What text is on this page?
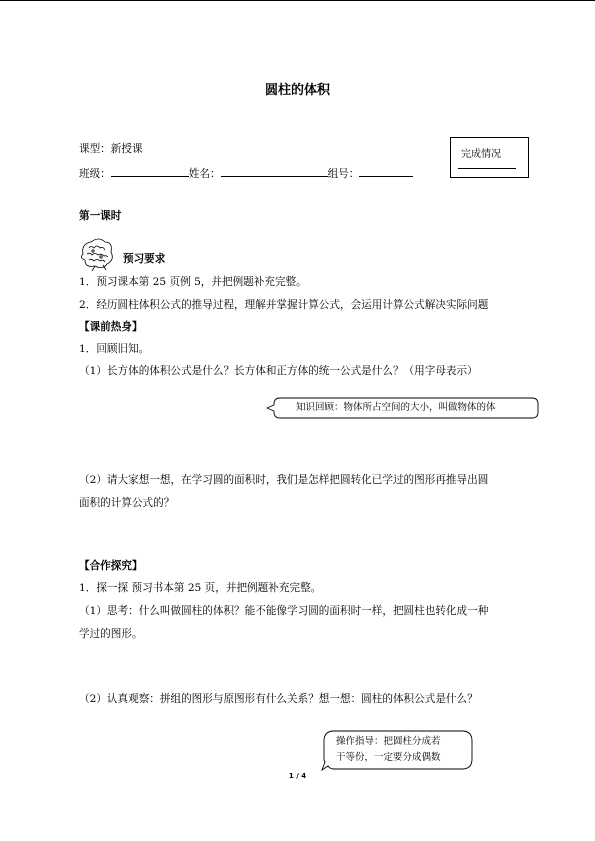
圆柱的体积
课型：新授课
班级：	姓名：	组号：
完成情况
第一课时
预习要求
1．预习课本第 25 页例 5，并把例题补充完整。
2．经历圆柱体积公式的推导过程，理解并掌握计算公式，会运用计算公式解决实际问题
【课前热身】
1．回顾旧知。
（1）长方体的体积公式是什么？长方体和正方体的统一公式是什么？（用字母表示）
知识回顾：物体所占空间的大小，叫做物体的体
（2）请大家想一想，在学习圆的面积时，我们是怎样把圆转化已学过的图形再推导出圆
面积的计算公式的？
【合作探究】
1．探一探 预习书本第 25 页，并把例题补充完整。
（1）思考：什么叫做圆柱的体积？能不能像学习圆的面积时一样，把圆柱也转化成一种
学过的图形。
（2）认真观察：拼组的图形与原图形有什么关系？想一想：圆柱的体积公式是什么？
操作指导：把圆柱分成若
干等份，一定要分成偶数
1 / 4
